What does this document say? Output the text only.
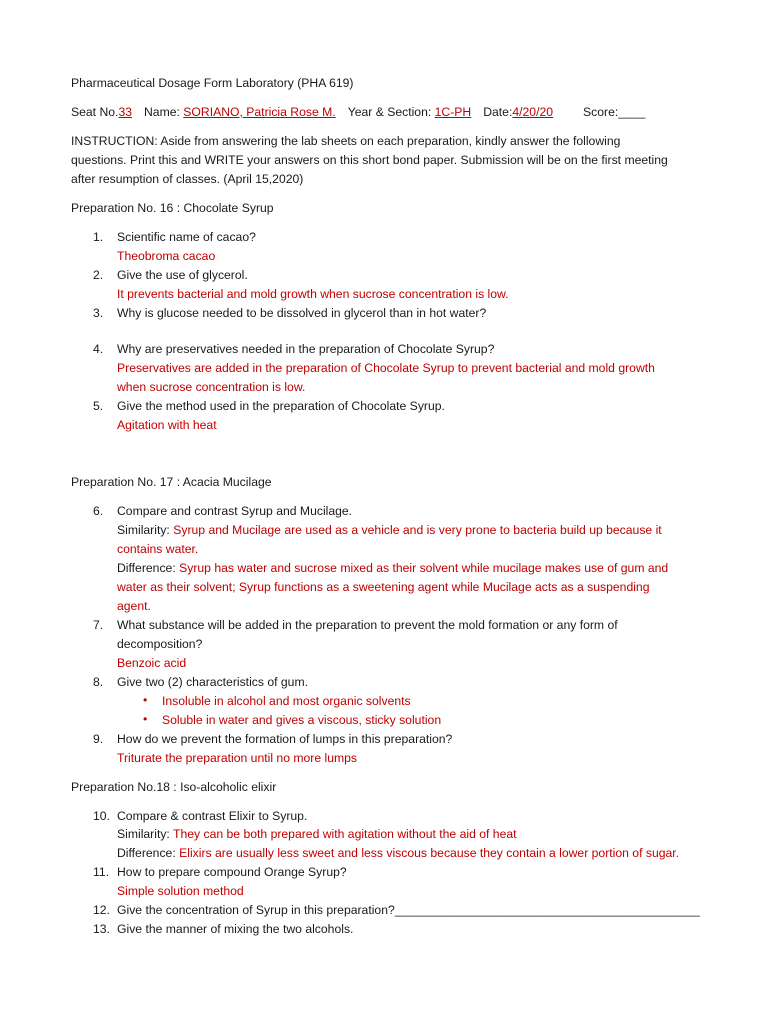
Pharmaceutical Dosage Form Laboratory (PHA 619)
Seat No.33 Name: SORIANO, Patricia Rose M. Year & Section: 1C-PH Date:4/20/20 Score:____
INSTRUCTION: Aside from answering the lab sheets on each preparation, kindly answer the following
questions. Print this and WRITE your answers on this short bond paper. Submission will be on the first meeting
after resumption of classes. (April 15,2020)
Preparation No. 16 : Chocolate Syrup
1. Scientific name of cacao?
Theobroma cacao
2. Give the use of glycerol.
It prevents bacterial and mold growth when sucrose concentration is low.
3. Why is glucose needed to be dissolved in glycerol than in hot water?
4. Why are preservatives needed in the preparation of Chocolate Syrup?
Preservatives are added in the preparation of Chocolate Syrup to prevent bacterial and mold growth
when sucrose concentration is low.
5. Give the method used in the preparation of Chocolate Syrup.
Agitation with heat
Preparation No. 17 : Acacia Mucilage
6. Compare and contrast Syrup and Mucilage.
Similarity: Syrup and Mucilage are used as a vehicle and is very prone to bacteria build up because it
contains water.
Difference: Syrup has water and sucrose mixed as their solvent while mucilage makes use of gum and
water as their solvent; Syrup functions as a sweetening agent while Mucilage acts as a suspending
agent.
7. What substance will be added in the preparation to prevent the mold formation or any form of
decomposition?
Benzoic acid
8. Give two (2) characteristics of gum.
• Insoluble in alcohol and most organic solvents
• Soluble in water and gives a viscous, sticky solution
9. How do we prevent the formation of lumps in this preparation?
Triturate the preparation until no more lumps
Preparation No.18 : Iso-alcoholic elixir
10. Compare & contrast Elixir to Syrup.
Similarity: They can be both prepared with agitation without the aid of heat
Difference: Elixirs are usually less sweet and less viscous because they contain a lower portion of sugar.
11. How to prepare compound Orange Syrup?
Simple solution method
12. Give the concentration of Syrup in this preparation?_____________________________________________
13. Give the manner of mixing the two alcohols.
